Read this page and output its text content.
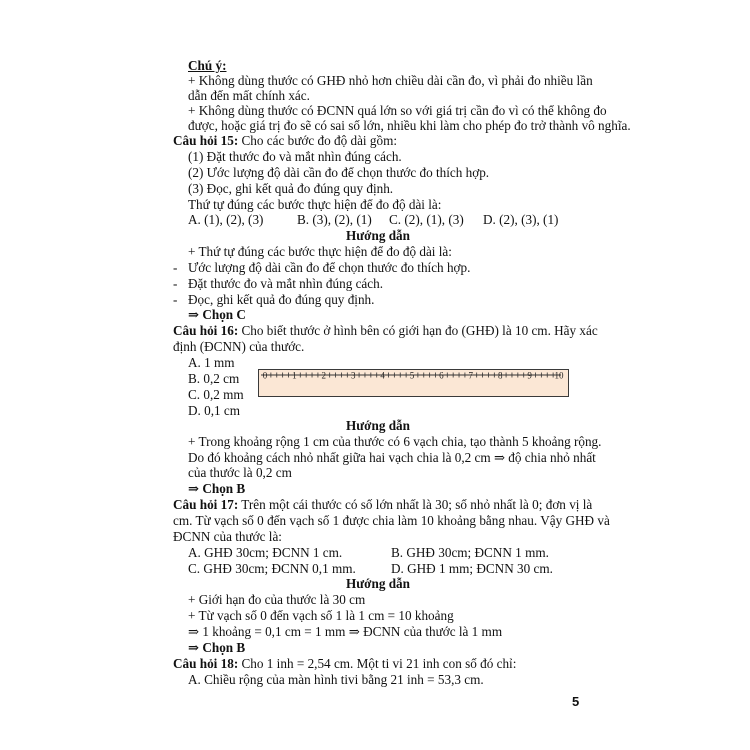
Chú ý:
+ Không dùng thước có GHĐ nhỏ hơn chiều dài cần đo, vì phải đo nhiều lần
dẫn đến mất chính xác.
+ Không dùng thước có ĐCNN quá lớn so với giá trị cần đo vì có thể không đo
được, hoặc giá trị đo sẽ có sai số lớn, nhiều khi làm cho phép đo trở thành vô nghĩa.
Câu hỏi 15: Cho các bước đo độ dài gồm:
(1) Đặt thước đo và mắt nhìn đúng cách.
(2) Ước lượng độ dài cần đo để chọn thước đo thích hợp.
(3) Đọc, ghi kết quả đo đúng quy định.
Thứ tự đúng các bước thực hiện để đo độ dài là:
A. (1), (2), (3)	B. (3), (2), (1) C. (2), (1), (3) D. (2), (3), (1)
Hướng dẫn
+ Thứ tự đúng các bước thực hiện để đo độ dài là:
- Ước lượng độ dài cần đo để chọn thước đo thích hợp.
- Đặt thước đo và mắt nhìn đúng cách.
- Đọc, ghi kết quả đo đúng quy định.
⇒ Chọn C
Câu hỏi 16: Cho biết thước ở hình bên có giới hạn đo (GHĐ) là 10 cm. Hãy xác
định (ĐCNN) của thước.
A. 1 mm
B. 0,2 cm
C. 0,2 mm
D. 0,1 cm
0	1	2	3	4	5	6	7	8	9	10
Hướng dẫn
+ Trong khoảng rộng 1 cm của thước có 6 vạch chia, tạo thành 5 khoảng rộng.
Do đó khoảng cách nhỏ nhất giữa hai vạch chia là 0,2 cm ⇒ độ chia nhỏ nhất
của thước là 0,2 cm
⇒ Chọn B
Câu hỏi 17: Trên một cái thước có số lớn nhất là 30; số nhỏ nhất là 0; đơn vị là
cm. Từ vạch số 0 đến vạch số 1 được chia làm 10 khoảng bằng nhau. Vậy GHĐ và
ĐCNN của thước là:
A. GHĐ 30cm; ĐCNN 1 cm.	B. GHĐ 30cm; ĐCNN 1 mm.
C. GHĐ 30cm; ĐCNN 0,1 mm.	D. GHĐ 1 mm; ĐCNN 30 cm.
Hướng dẫn
+ Giới hạn đo của thước là 30 cm
+ Từ vạch số 0 đến vạch số 1 là 1 cm = 10 khoảng
⇒ 1 khoảng = 0,1 cm = 1 mm ⇒ ĐCNN của thước là 1 mm
⇒ Chọn B
Câu hỏi 18: Cho 1 inh = 2,54 cm. Một ti vi 21 inh con số đó chỉ:
A. Chiều rộng của màn hình tivi bằng 21 inh = 53,3 cm.
5
